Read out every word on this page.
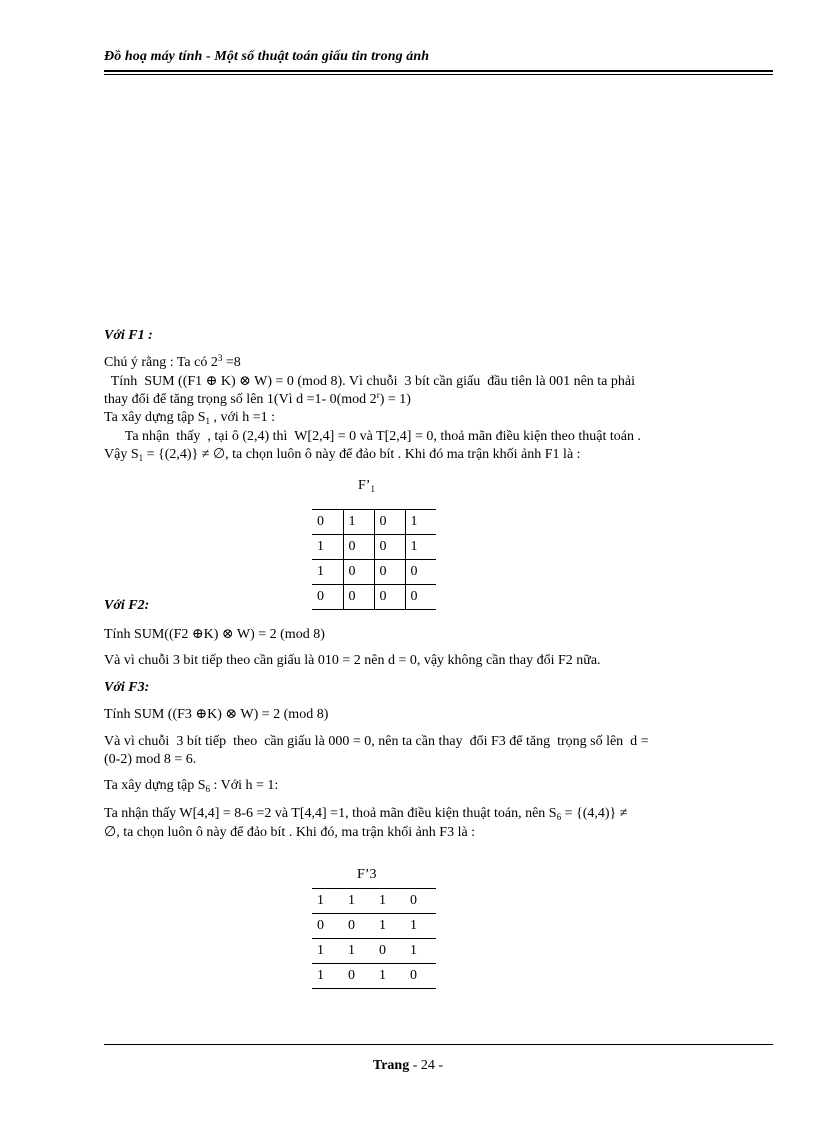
Đồ hoạ máy tính - Một số thuật toán giấu tin trong ảnh
Với F1 :
Chú ý rằng : Ta có $2^3 =8$
Tính  SUM ((F1 ⊕ K) ⊗ W) = 0 (mod 8). Vì chuỗi  3 bít cần giấu  đầu tiên là 001 nên ta phải
thay đổi để tăng trọng số lên 1(Vì d =1- 0(mod $2^r) = 1$)
Ta xây dựng tập $S_1$ , với h =1 :
Ta nhận  thấy  , tại ô (2,4) thì  W[2,4] = 0 và T[2,4] = 0, thoả mãn điều kiện theo thuật toán .
Vậy $S_1 = \{(2,4)\}$ ≠ ∅, ta chọn luôn ô này để đảo bít . Khi đó ma trận khối ảnh F1 là :
$F’_1$
0	1	0	1
1	0	0	1
1	0	0	0
0	0	0	0
Với F2:
Tính SUM((F2 ⊕K) ⊗ W) = 2 (mod 8)
Và vì chuỗi 3 bit tiếp theo cần giấu là 010 = 2 nên d = 0, vậy không cần thay đổi F2 nữa.
Với F3:
Tính SUM ((F3 ⊕K) ⊗ W) = 2 (mod 8)
Và vì chuỗi  3 bít tiếp  theo  cần giấu là 000 = 0, nên ta cần thay  đổi F3 để tăng  trọng số lên  d =
(0-2) mod 8 = 6.
Ta xây dựng tập $S_6$ : Với h = 1:
Ta nhận thấy W[4,4] = 8-6 =2 và T[4,4] =1, thoả mãn điều kiện thuật toán, nên $S_6 = \{(4,4)\}$ ≠
∅, ta chọn luôn ô này để đảo bít . Khi đó, ma trận khối ảnh F3 là :
F’3
1	1	1	0
0	0	1	1
1	1	0	1
1	0	1	0
Trang - 24 -
